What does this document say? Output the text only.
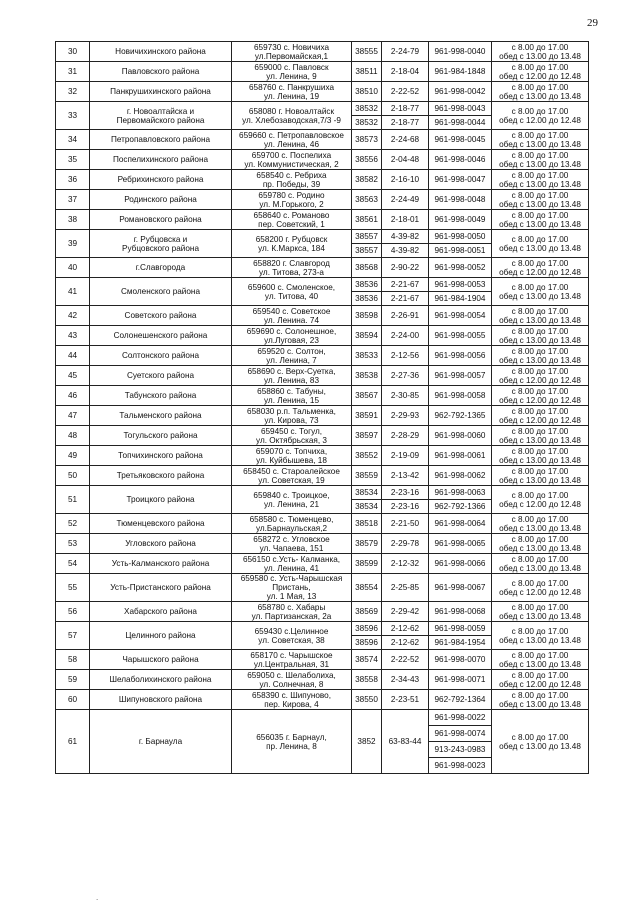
29
30	Новичихинского района	659730 с. Новичиха
ул.Первомайская,1	38555	2-24-79	961-998-0040	с 8.00 до 17.00
обед с 13.00 до 13.48

31	Павловского района	659000 с. Павловск
ул. Ленина, 9	38511	2-18-04	961-984-1848	с 8.00 до 17.00
обед с 12.00 до 12.48

32	Панкрушихинского района	658760 с. Панкрушиха
ул. Ленина, 19	38510	2-22-52	961-998-0042	с 8.00 до 17.00
обед с 13.00 до 13.48

33	г. Новоалтайска и
Первомайского района	658080 г. Новоалтайск
ул. Хлебозаводская,7/3 -9	38532	2-18-77	961-998-0043	с 8.00 до 17.00
обед с 12.00 до 12.48

			38532	2-18-77	961-998-0044	

34	Петропавловского района	659660 с. Петропавловское
ул. Ленина, 46	38573	2-24-68	961-998-0045	с 8.00 до 17.00
обед с 13.00 до 13.48

35	Поспелихинского района	659700 с. Поспелиха
ул. Коммунистическая, 2	38556	2-04-48	961-998-0046	с 8.00 до 17.00
обед с 13.00 до 13.48

36	Ребрихинского района	658540 с. Ребриха
пр. Победы, 39	38582	2-16-10	961-998-0047	с 8.00 до 17.00
обед с 13.00 до 13.48

37	Родинского района	659780 с. Родино
ул. М.Горького, 2	38563	2-24-49	961-998-0048	с 8.00 до 17.00
обед с 13.00 до 13.48

38	Романовского района	658640 с. Романово
пер. Советский, 1	38561	2-18-01	961-998-0049	с 8.00 до 17.00
обед с 13.00 до 13.48

39	г. Рубцовска и
Рубцовского района	658200 г. Рубцовск
ул. К.Маркса, 184	38557	4-39-82	961-998-0050	с 8.00 до 17.00
обед с 13.00 до 13.48

			38557	4-39-82	961-998-0051	

40	г.Славгорода	658820 г. Славгород
ул. Титова, 273-а	38568	2-90-22	961-998-0052	с 8.00 до 17.00
обед с 12.00 до 12.48

41	Смоленского района	659600 с. Смоленское,
ул. Титова, 40	38536	2-21-67	961-998-0053	с 8.00 до 17.00
обед с 13.00 до 13.48

			38536	2-21-67	961-984-1904	

42	Советского района	659540 с. Советское
ул. Ленина. 74	38598	2-26-91	961-998-0054	с 8.00 до 17.00
обед с 13.00 до 13.48

43	Солонешенского района	659690 с. Солонешное,
ул.Луговая, 23	38594	2-24-00	961-998-0055	с 8.00 до 17.00
обед с 13.00 до 13.48

44	Солтонского района	659520 с. Солтон,
ул. Ленина, 7	38533	2-12-56	961-998-0056	с 8.00 до 17.00
обед с 13.00 до 13.48

45	Суетского района	658690 с. Верх-Суетка,
ул. Ленина, 83	38538	2-27-36	961-998-0057	с 8.00 до 17.00
обед с 12.00 до 12.48

46	Табунского района	658860 с. Табуны,
ул. Ленина, 15	38567	2-30-85	961-998-0058	с 8.00 до 17.00
обед с 12.00 до 12.48

47	Тальменского района	658030 р.п. Тальменка,
ул. Кирова, 73	38591	2-29-93	962-792-1365	с 8.00 до 17.00
обед с 12.00 до 12.48

48	Тогульского района	659450 с. Тогул,
ул. Октябрьская, 3	38597	2-28-29	961-998-0060	с 8.00 до 17.00
обед с 13.00 до 13.48

49	Топчихинского района	659070 с. Топчиха,
ул. Куйбышева, 18	38552	2-19-09	961-998-0061	с 8.00 до 17.00
обед с 13.00 до 13.48

50	Третьяковского района	658450 с. Староалейское
ул. Советская, 19	38559	2-13-42	961-998-0062	с 8.00 до 17.00
обед с 13.00 до 13.48

51	Троицкого района	659840 с. Троицкое,
ул. Ленина, 21	38534	2-23-16	961-998-0063	с 8.00 до 17.00
обед с 12.00 до 12.48

			38534	2-23-16	962-792-1366	

52	Тюменцевского района	658580 с. Тюменцево,
ул.Барнаульская,2	38518	2-21-50	961-998-0064	с 8.00 до 17.00
обед с 13.00 до 13.48

53	Угловского района	658272 с. Угловское
ул. Чапаева, 151	38579	2-29-78	961-998-0065	с 8.00 до 17.00
обед с 13.00 до 13.48

54	Усть-Калманского района	656150 с.Усть- Калманка,
ул. Ленина, 41	38599	2-12-32	961-998-0066	с 8.00 до 17.00
обед с 13.00 до 13.48

55	Усть-Пристанского района	659580 с. Усть-Чарышская
Пристань,
ул. 1 Мая, 13	38554	2-25-85	961-998-0067	с 8.00 до 17.00
обед с 12.00 до 12.48

56	Хабарского района	658780 с. Хабары
ул. Партизанская, 2а	38569	2-29-42	961-998-0068	с 8.00 до 17.00
обед с 13.00 до 13.48

57	Целинного района	659430 с.Целинное
ул. Советская, 38	38596	2-12-62	961-998-0059	с 8.00 до 17.00
обед с 13.00 до 13.48

			38596	2-12-62	961-984-1954	

58	Чарышского района	658170 с. Чарышское
ул.Центральная, 31	38574	2-22-52	961-998-0070	с 8.00 до 17.00
обед с 13.00 до 13.48

59	Шелаболихинского района	659050 с. Шелаболиха,
ул. Солнечная, 8	38558	2-34-43	961-998-0071	с 8.00 до 17.00
обед с 12.00 до 12.48

60	Шипуновского района	658390 с. Шипуново,
пер. Кирова, 4	38550	2-23-51	962-792-1364	с 8.00 до 17.00
обед с 13.00 до 13.48

61	г. Барнаула	656035 г. Барнаул,
пр. Ленина, 8	3852	63-83-44	961-998-0022	с 8.00 до 17.00
обед с 13.00 до 13.48

					961-998-0074	

					913-243-0983	

					961-998-0023	
.
